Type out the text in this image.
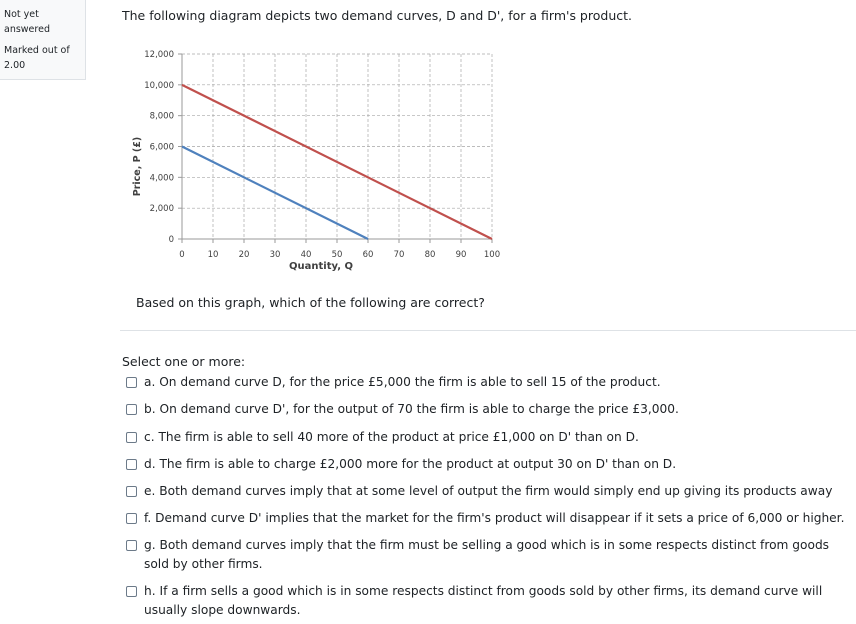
Not yet
answered
Marked out of
2.00
The following diagram depicts two demand curves, D and D', for a firm's product.
0
2,000
4,000
6,000
8,000
10,000
12,000
0	10 20 30 40 50 60 70 80 90 100
Quantity, Q
Price, P (£)
Based on this graph, which of the following are correct?
Select one or more:
a. On demand curve D, for the price £5,000 the firm is able to sell 15 of the product.
b. On demand curve D', for the output of 70 the firm is able to charge the price £3,000.
c. The firm is able to sell 40 more of the product at price £1,000 on D' than on D.
d. The firm is able to charge £2,000 more for the product at output 30 on D' than on D.
e. Both demand curves imply that at some level of output the firm would simply end up giving its products away
f. Demand curve D' implies that the market for the firm's product will disappear if it sets a price of 6,000 or higher.
g. Both demand curves imply that the firm must be selling a good which is in some respects distinct from goods sold by other firms.
h. If a firm sells a good which is in some respects distinct from goods sold by other firms, its demand curve will usually slope downwards.
